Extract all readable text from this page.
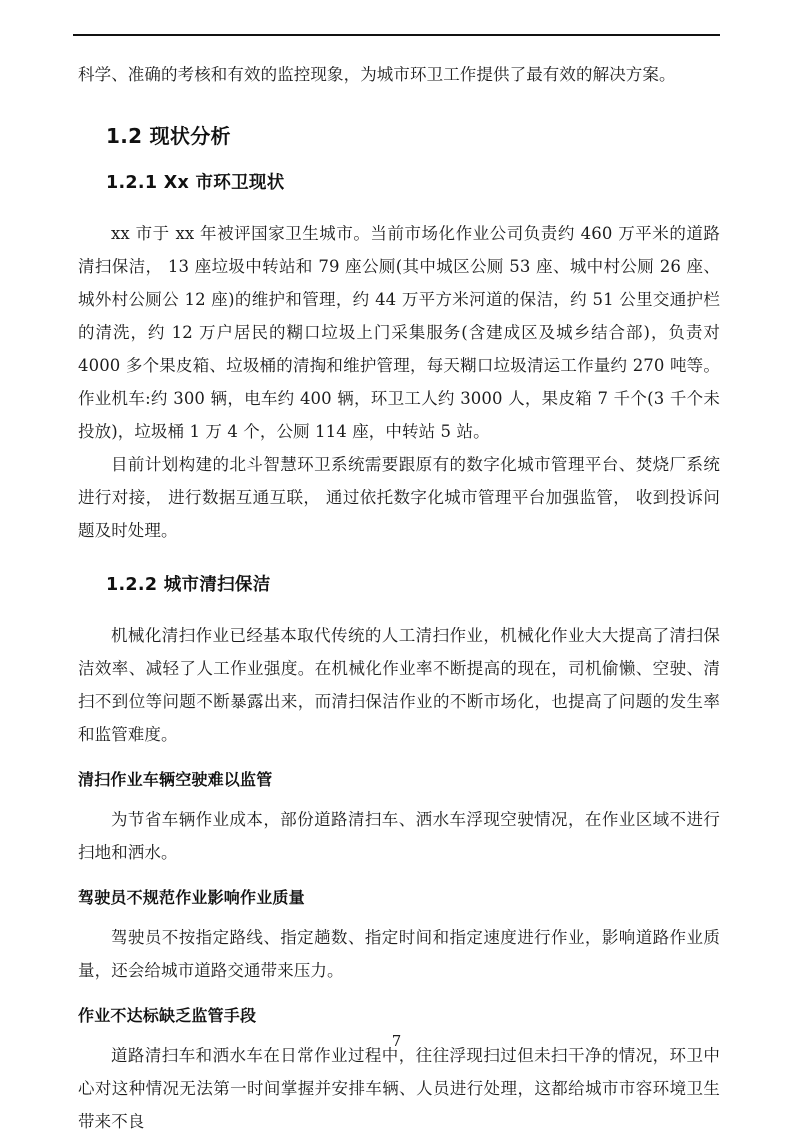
科学、准确的考核和有效的监控现象，为城市环卫工作提供了最有效的解决方案。

1.2 现状分析
1.2.1 Xx 市环卫现状

xx 市于 xx 年被评国家卫生城市。当前市场化作业公司负责约 460 万平米的道路清扫保洁， 13 座垃圾中转站和 79 座公厕(其中城区公厕 53 座、城中村公厕 26 座、城外村公厕公 12 座)的维护和管理，约 44 万平方米河道的保洁，约 51 公里交通护栏的清洗，约 12 万户居民的糊口垃圾上门采集服务(含建成区及城乡结合部)，负责对4000 多个果皮箱、垃圾桶的清掏和维护管理，每天糊口垃圾清运工作量约 270 吨等。作业机车:约 300 辆，电车约 400 辆，环卫工人约 3000 人，果皮箱 7 千个(3 千个未投放)，垃圾桶 1 万 4 个，公厕 114 座，中转站 5 站。

目前计划构建的北斗智慧环卫系统需要跟原有的数字化城市管理平台、焚烧厂系统进行对接， 进行数据互通互联， 通过依托数字化城市管理平台加强监管， 收到投诉问题及时处理。

1.2.2 城市清扫保洁

机械化清扫作业已经基本取代传统的人工清扫作业，机械化作业大大提高了清扫保洁效率、减轻了人工作业强度。在机械化作业率不断提高的现在，司机偷懒、空驶、清扫不到位等问题不断暴露出来，而清扫保洁作业的不断市场化，也提高了问题的发生率和监管难度。

清扫作业车辆空驶难以监管

为节省车辆作业成本，部份道路清扫车、洒水车浮现空驶情况，在作业区域不进行扫地和洒水。

驾驶员不规范作业影响作业质量

驾驶员不按指定路线、指定趟数、指定时间和指定速度进行作业，影响道路作业质量，还会给城市道路交通带来压力。

作业不达标缺乏监管手段

道路清扫车和洒水车在日常作业过程中，往往浮现扫过但未扫干净的情况，环卫中心对这种情况无法第一时间掌握并安排车辆、人员进行处理，这都给城市市容环境卫生带来不良

7
